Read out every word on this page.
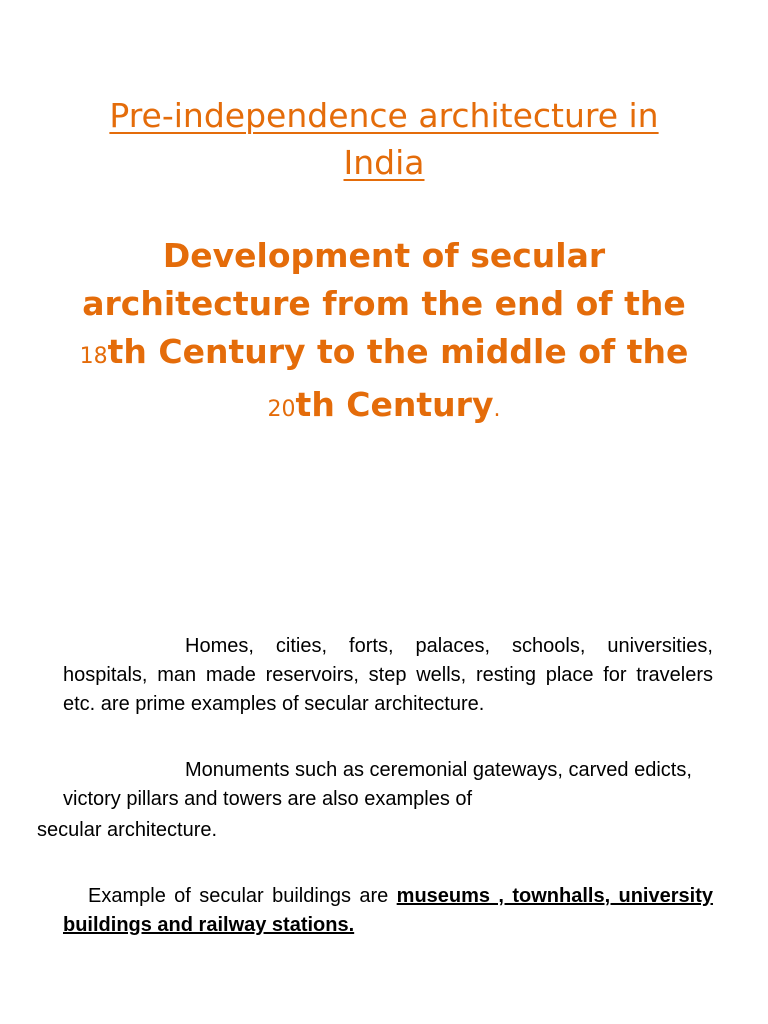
Pre-independence architecture in
India
Development of secular
architecture from the end of the
18th Century to the middle of the
20th Century.
Homes, cities, forts, palaces, schools, universities, hospitals, man made reservoirs, step wells, resting place for travelers etc. are prime examples of secular architecture.
Monuments such as ceremonial gateways, carved edicts, victory pillars and towers are also examples of
secular architecture.
Example of secular buildings are museums , townhalls, university buildings and railway stations.
